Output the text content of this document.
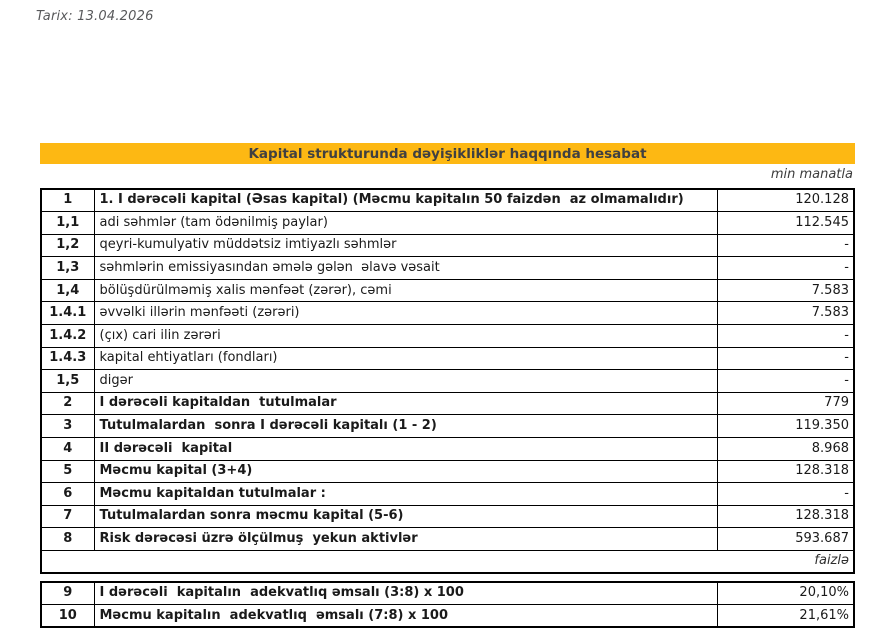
Tarix: 13.04.2026
Kapital strukturunda dəyişikliklər haqqında hesabat
min manatla
1	1. I dərəcəli kapital (Əsas kapital) (Məcmu kapitalın 50 faizdən  az olmamalıdır)	120.128
1,1	adi səhmlər (tam ödənilmiş paylar)	112.545
1,2	qeyri-kumulyativ müddətsiz imtiyazlı səhmlər	-
1,3	səhmlərin emissiyasından əmələ gələn  əlavə vəsait	-
1,4	bölüşdürülməmiş xalis mənfəət (zərər), cəmi	7.583
1.4.1	əvvəlki illərin mənfəəti (zərəri)	7.583
1.4.2	(çıx) cari ilin zərəri	-
1.4.3	kapital ehtiyatları (fondları)	-
1,5	digər	-
2	I dərəcəli kapitaldan  tutulmalar	779
3	Tutulmalardan  sonra I dərəcəli kapitalı (1 - 2)	119.350
4	II dərəcəli  kapital	8.968
5	Məcmu kapital (3+4)	128.318
6	Məcmu kapitaldan tutulmalar :	-
7	Tutulmalardan sonra məcmu kapital (5-6)	128.318
8	Risk dərəcəsi üzrə ölçülmuş  yekun aktivlər	593.687
faizlə		
9	I dərəcəli  kapitalın  adekvatlıq əmsalı (3:8) x 100	20,10%
10	Məcmu kapitalın  adekvatlıq  əmsalı (7:8) x 100	21,61%
